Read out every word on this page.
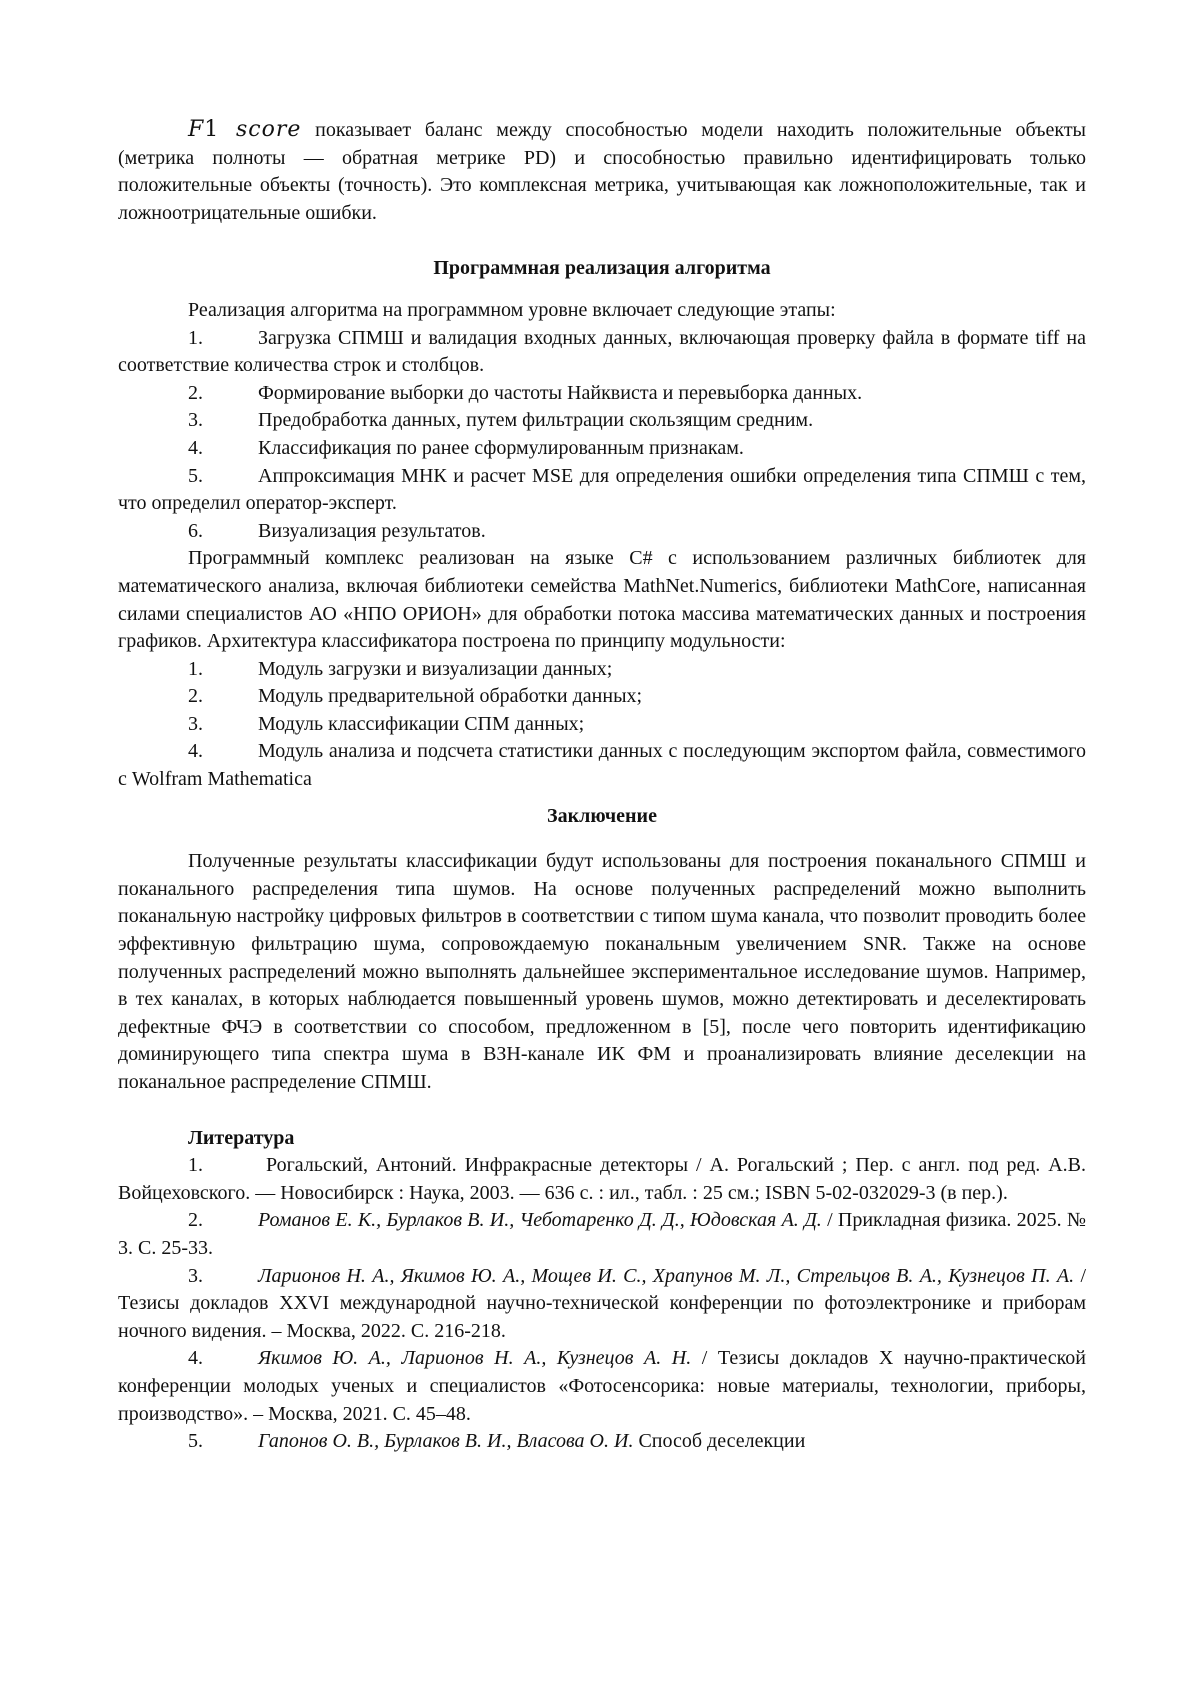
F1 score показывает баланс между способностью модели находить положительные объекты (метрика полноты — обратная метрике PD) и способностью правильно идентифицировать только положительные объекты (точность). Это комплексная метрика, учитывающая как ложноположительные, так и ложноотрицательные ошибки.

Программная реализация алгоритма

Реализация алгоритма на программном уровне включает следующие этапы:

1.	Загрузка СПМШ и валидация входных данных, включающая проверку файла в формате tiff на соответствие количества строк и столбцов.

2.	Формирование выборки до частоты Найквиста и перевыборка данных.

3.	Предобработка данных, путем фильтрации скользящим средним.

4.	Классификация по ранее сформулированным признакам.

5.	Аппроксимация МНК и расчет MSE для определения ошибки определения типа СПМШ с тем, что определил оператор-эксперт.

6.	Визуализация результатов.

Программный комплекс реализован на языке C# с использованием различных библиотек для математического анализа, включая библиотеки семейства MathNet.Numerics, библиотеки MathCore, написанная силами специалистов АО «НПО ОРИОН» для обработки потока массива математических данных и построения графиков. Архитектура классификатора построена по принципу модульности:

1.	Модуль загрузки и визуализации данных;

2.	Модуль предварительной обработки данных;

3.	Модуль классификации СПМ данных;

4.	Модуль анализа и подсчета статистики данных с последующим экспортом файла, совместимого с Wolfram Mathematica

Заключение

Полученные результаты классификации будут использованы для построения поканального СПМШ и поканального распределения типа шумов. На основе полученных распределений можно выполнить поканальную настройку цифровых фильтров в соответствии с типом шума канала, что позволит проводить более эффективную фильтрацию шума, сопровождаемую поканальным увеличением SNR. Также на основе полученных распределений можно выполнять дальнейшее экспериментальное исследование шумов. Например, в тех каналах, в которых наблюдается повышенный уровень шумов, можно детектировать и деселектировать дефектные ФЧЭ в соответствии со способом, предложенном в [5], после чего повторить идентификацию доминирующего типа спектра шума в ВЗН-канале ИК ФМ и проанализировать влияние деселекции на поканальное распределение СПМШ.

Литература

1.	Рогальский, Антоний. Инфракрасные детекторы / А. Рогальский ; Пер. с англ. под ред. А.В. Войцеховского. — Новосибирск : Наука, 2003. — 636 с. : ил., табл. : 25 см.; ISBN 5-02-032029-3 (в пер.).

2.	Романов Е. К., Бурлаков В. И., Чеботаренко Д. Д., Юдовская А. Д. / Прикладная физика. 2025. № 3. С. 25-33.

3.	Ларионов Н. А., Якимов Ю. А., Мощев И. С., Храпунов М. Л., Стрельцов В. А., Кузнецов П. А. / Тезисы докладов XXVI международной научно-технической конференции по фотоэлектронике и приборам ночного видения. – Москва, 2022. С. 216-218.

4.	Якимов Ю. А., Ларионов Н. А., Кузнецов А. Н. / Тезисы докладов X научно-практической конференции молодых ученых и специалистов «Фотосенсорика: новые материалы, технологии, приборы, производство». – Москва, 2021. С. 45–48.

5.	Гапонов О. В., Бурлаков В. И., Власова О. И. Способ деселекции
